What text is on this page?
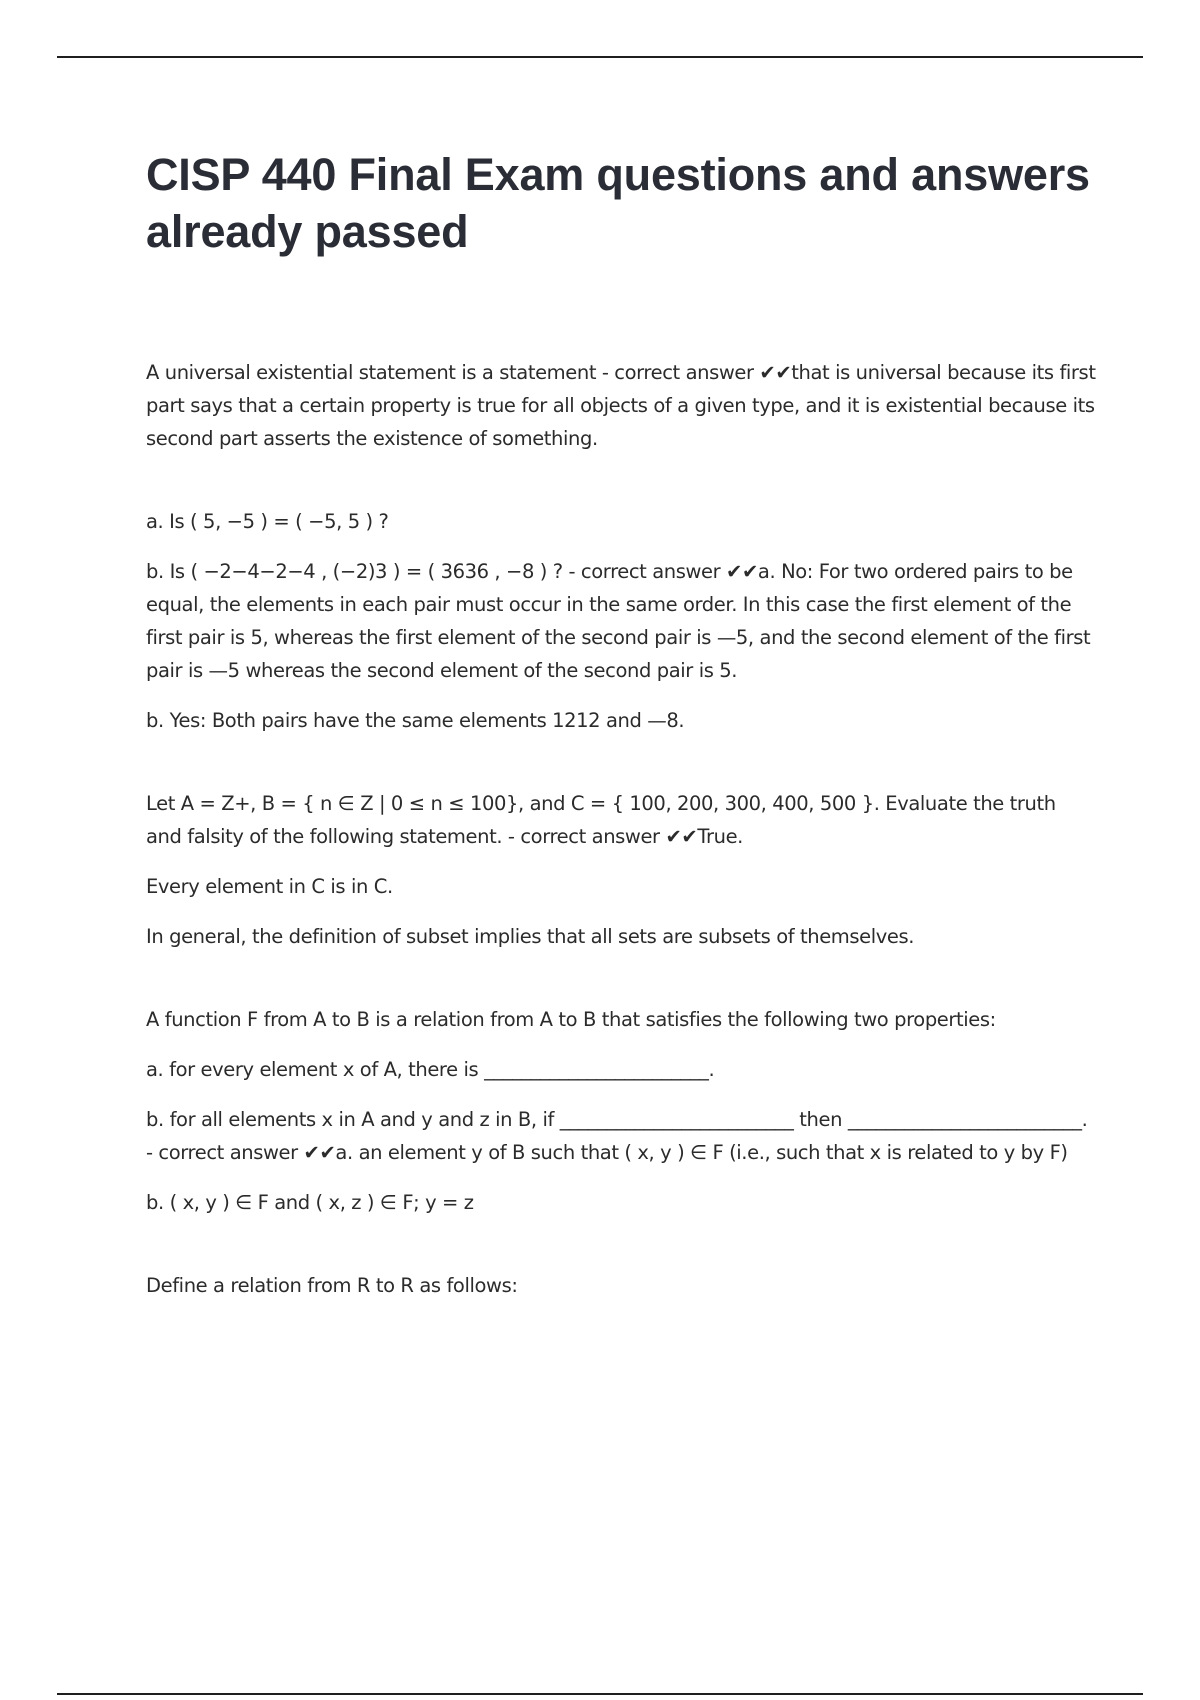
CISP 440 Final Exam questions and answers already passed

A universal existential statement is a statement - correct answer ✔✔that is universal because its first part says that a certain property is true for all objects of a given type, and it is existential because its second part asserts the existence of something.

a. Is ( 5, −5 ) = ( −5, 5 ) ?

b. Is ( −2−4−2−4 , (−2)3 ) = ( 3636 , −8 ) ? - correct answer ✔✔a. No: For two ordered pairs to be equal, the elements in each pair must occur in the same order. In this case the first element of the first pair is 5, whereas the first element of the second pair is —5, and the second element of the first pair is —5 whereas the second element of the second pair is 5.

b. Yes: Both pairs have the same elements 1212 and —8.

Let A = Z+, B = { n ∈ Z | 0 ≤ n ≤ 100}, and C = { 100, 200, 300, 400, 500 }. Evaluate the truth and falsity of the following statement. - correct answer ✔✔True.

Every element in C is in C.

In general, the definition of subset implies that all sets are subsets of themselves.

A function F from A to B is a relation from A to B that satisfies the following two properties:

a. for every element x of A, there is ________________________.

b. for all elements x in A and y and z in B, if _________________________ then _________________________. - correct answer ✔✔a. an element y of B such that ( x, y ) ∈ F (i.e., such that x is related to y by F)

b. ( x, y ) ∈ F and ( x, z ) ∈ F; y = z

Define a relation from R to R as follows:
